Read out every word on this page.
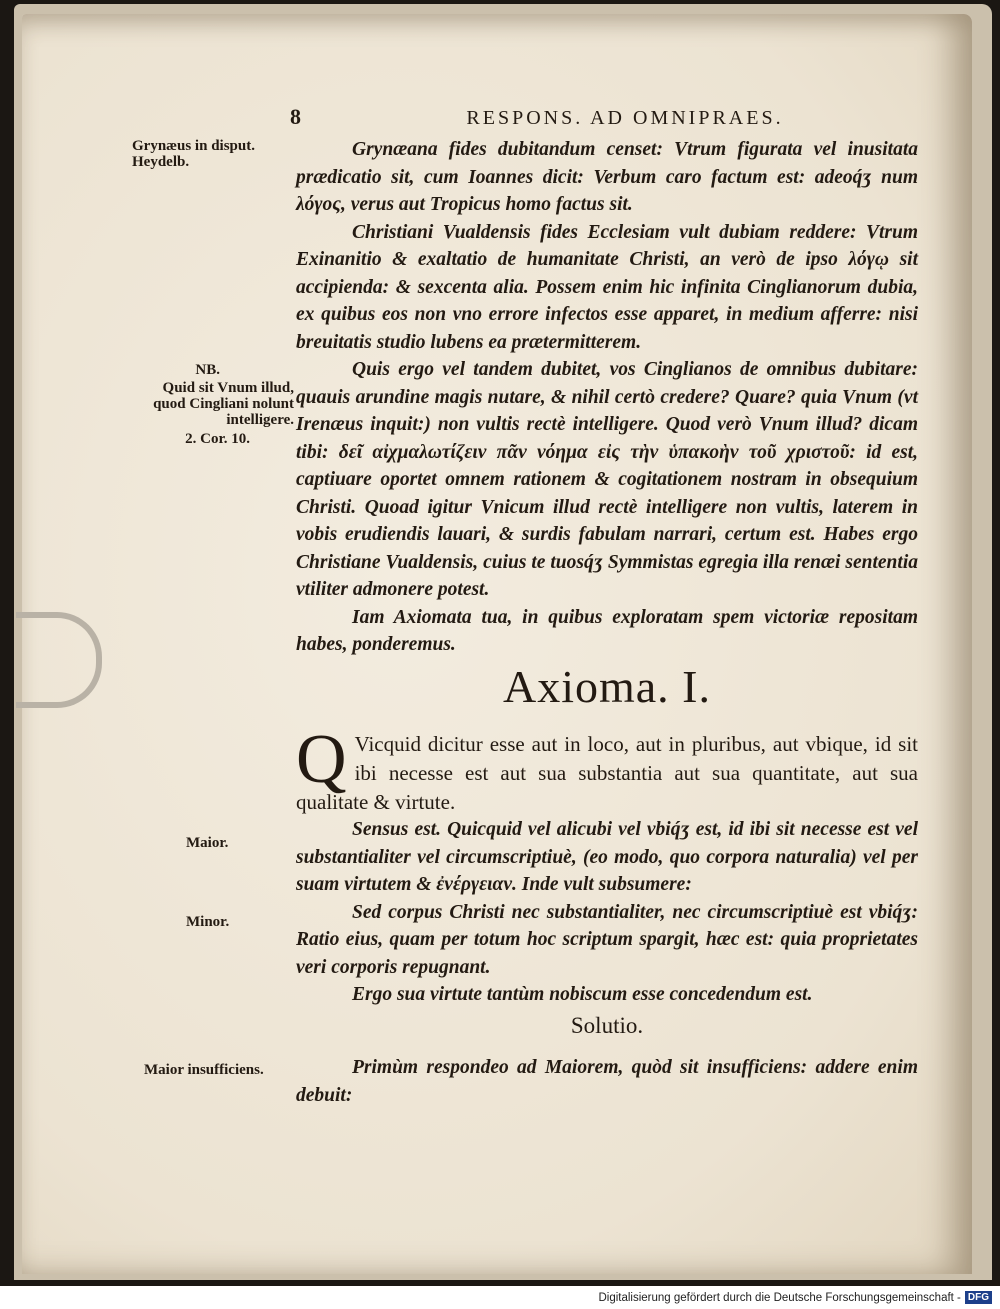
8	RESPONS. AD OMNIPRAES.
Grynæus in disput. Heydelb.
NB.
Quid sit Vnum illud, quod Cingliani nolunt intelligere.
2. Cor. 10.
Maior.
Minor.
Maior insufficiens.

Grynæana fides dubitandum censet: Vtrum figurata vel inusitata prædicatio sit, cum Ioannes dicit: Verbum caro factum est: adeoq́ʒ num λόγος, verus aut Tropicus homo factus sit.

Christiani Vualdensis fides Ecclesiam vult dubiam reddere: Vtrum Exinanitio & exaltatio de humanitate Christi, an verò de ipso λόγῳ sit accipienda: & sexcenta alia. Possem enim hic infinita Cinglianorum dubia, ex quibus eos non vno errore infectos esse apparet, in medium afferre: nisi breuitatis studio lubens ea prætermitterem.

Quis ergo vel tandem dubitet, vos Cinglianos de omnibus dubitare: quauis arundine magis nutare, & nihil certò credere? Quare? quia Vnum (vt Irenæus inquit:) non vultis rectè intelligere. Quod verò Vnum illud? dicam tibi: δεῖ αἰχμαλωτίζειν πᾶν νόημα εἰς τὴν ὑπακοὴν τοῦ χριστοῦ: id est, captiuare oportet omnem rationem & cogitationem nostram in obsequium Christi. Quoad igitur Vnicum illud rectè intelligere non vultis, laterem in vobis erudiendis lauari, & surdis fabulam narrari, certum est. Habes ergo Christiane Vualdensis, cuius te tuosq́ʒ Symmistas egregia illa renæi sententia vtiliter admonere potest.

Iam Axiomata tua, in quibus exploratam spem victoriæ repositam habes, ponderemus.

Axioma. I.
Q Vicquid dicitur esse aut in loco, aut in pluribus, aut vbique, id sit ibi necesse est aut sua substantia aut sua quantitate, aut sua qualitate & virtute.

Sensus est. Quicquid vel alicubi vel vbiq́ʒ est, id ibi sit necesse est vel substantialiter vel circumscriptiuè, (eo modo, quo corpora naturalia) vel per suam virtutem & ἐνέργειαν. Inde vult subsumere:

Sed corpus Christi nec substantialiter, nec circumscriptiuè est vbiq́ʒ: Ratio eius, quam per totum hoc scriptum spargit, hæc est: quia proprietates veri corporis repugnant.

Ergo sua virtute tantùm nobiscum esse concedendum est.

Solutio.

Primùm respondeo ad Maiorem, quòd sit insufficiens: addere enim debuit:

Digitalisierung gefördert durch die Deutsche Forschungsgemeinschaft - DFG
